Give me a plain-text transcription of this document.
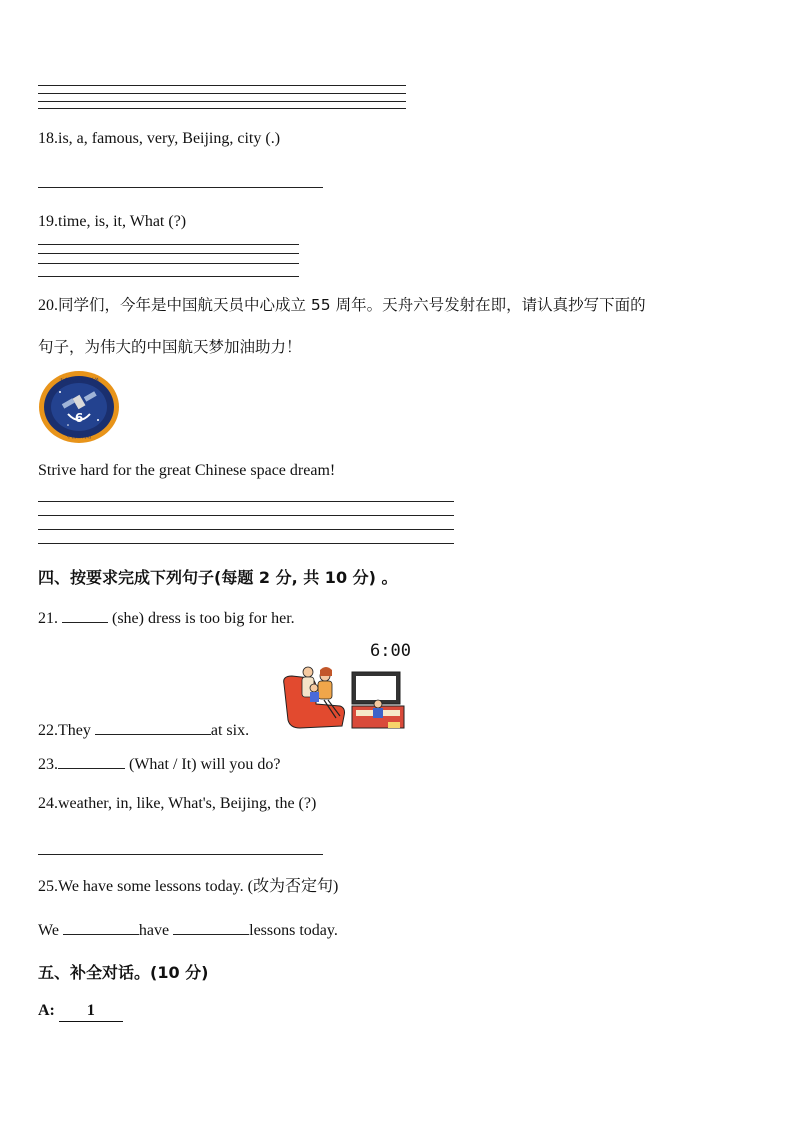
18.is, a, famous, very, Beijing, city (.)
19.time, is, it, What (?)
20.同学们，今年是中国航天员中心成立 55 周年。天舟六号发射在即，请认真抄写下面的
句子，为伟大的中国航天梦加油助力！
6
天舟六号飞行任务
中国空间站
Strive hard for the great Chinese space dream!
四、按要求完成下列句子(每题 2 分, 共 10 分) 。
21.	(she) dress is too big for her.
6:00
22.They	at six.
23.	(What / It) will you do?
24.weather, in, like, What's, Beijing, the (?)
25.We have some lessons today. (改为否定句)
We	have	lessons today.
五、补全对话。(10 分)
A: 1
